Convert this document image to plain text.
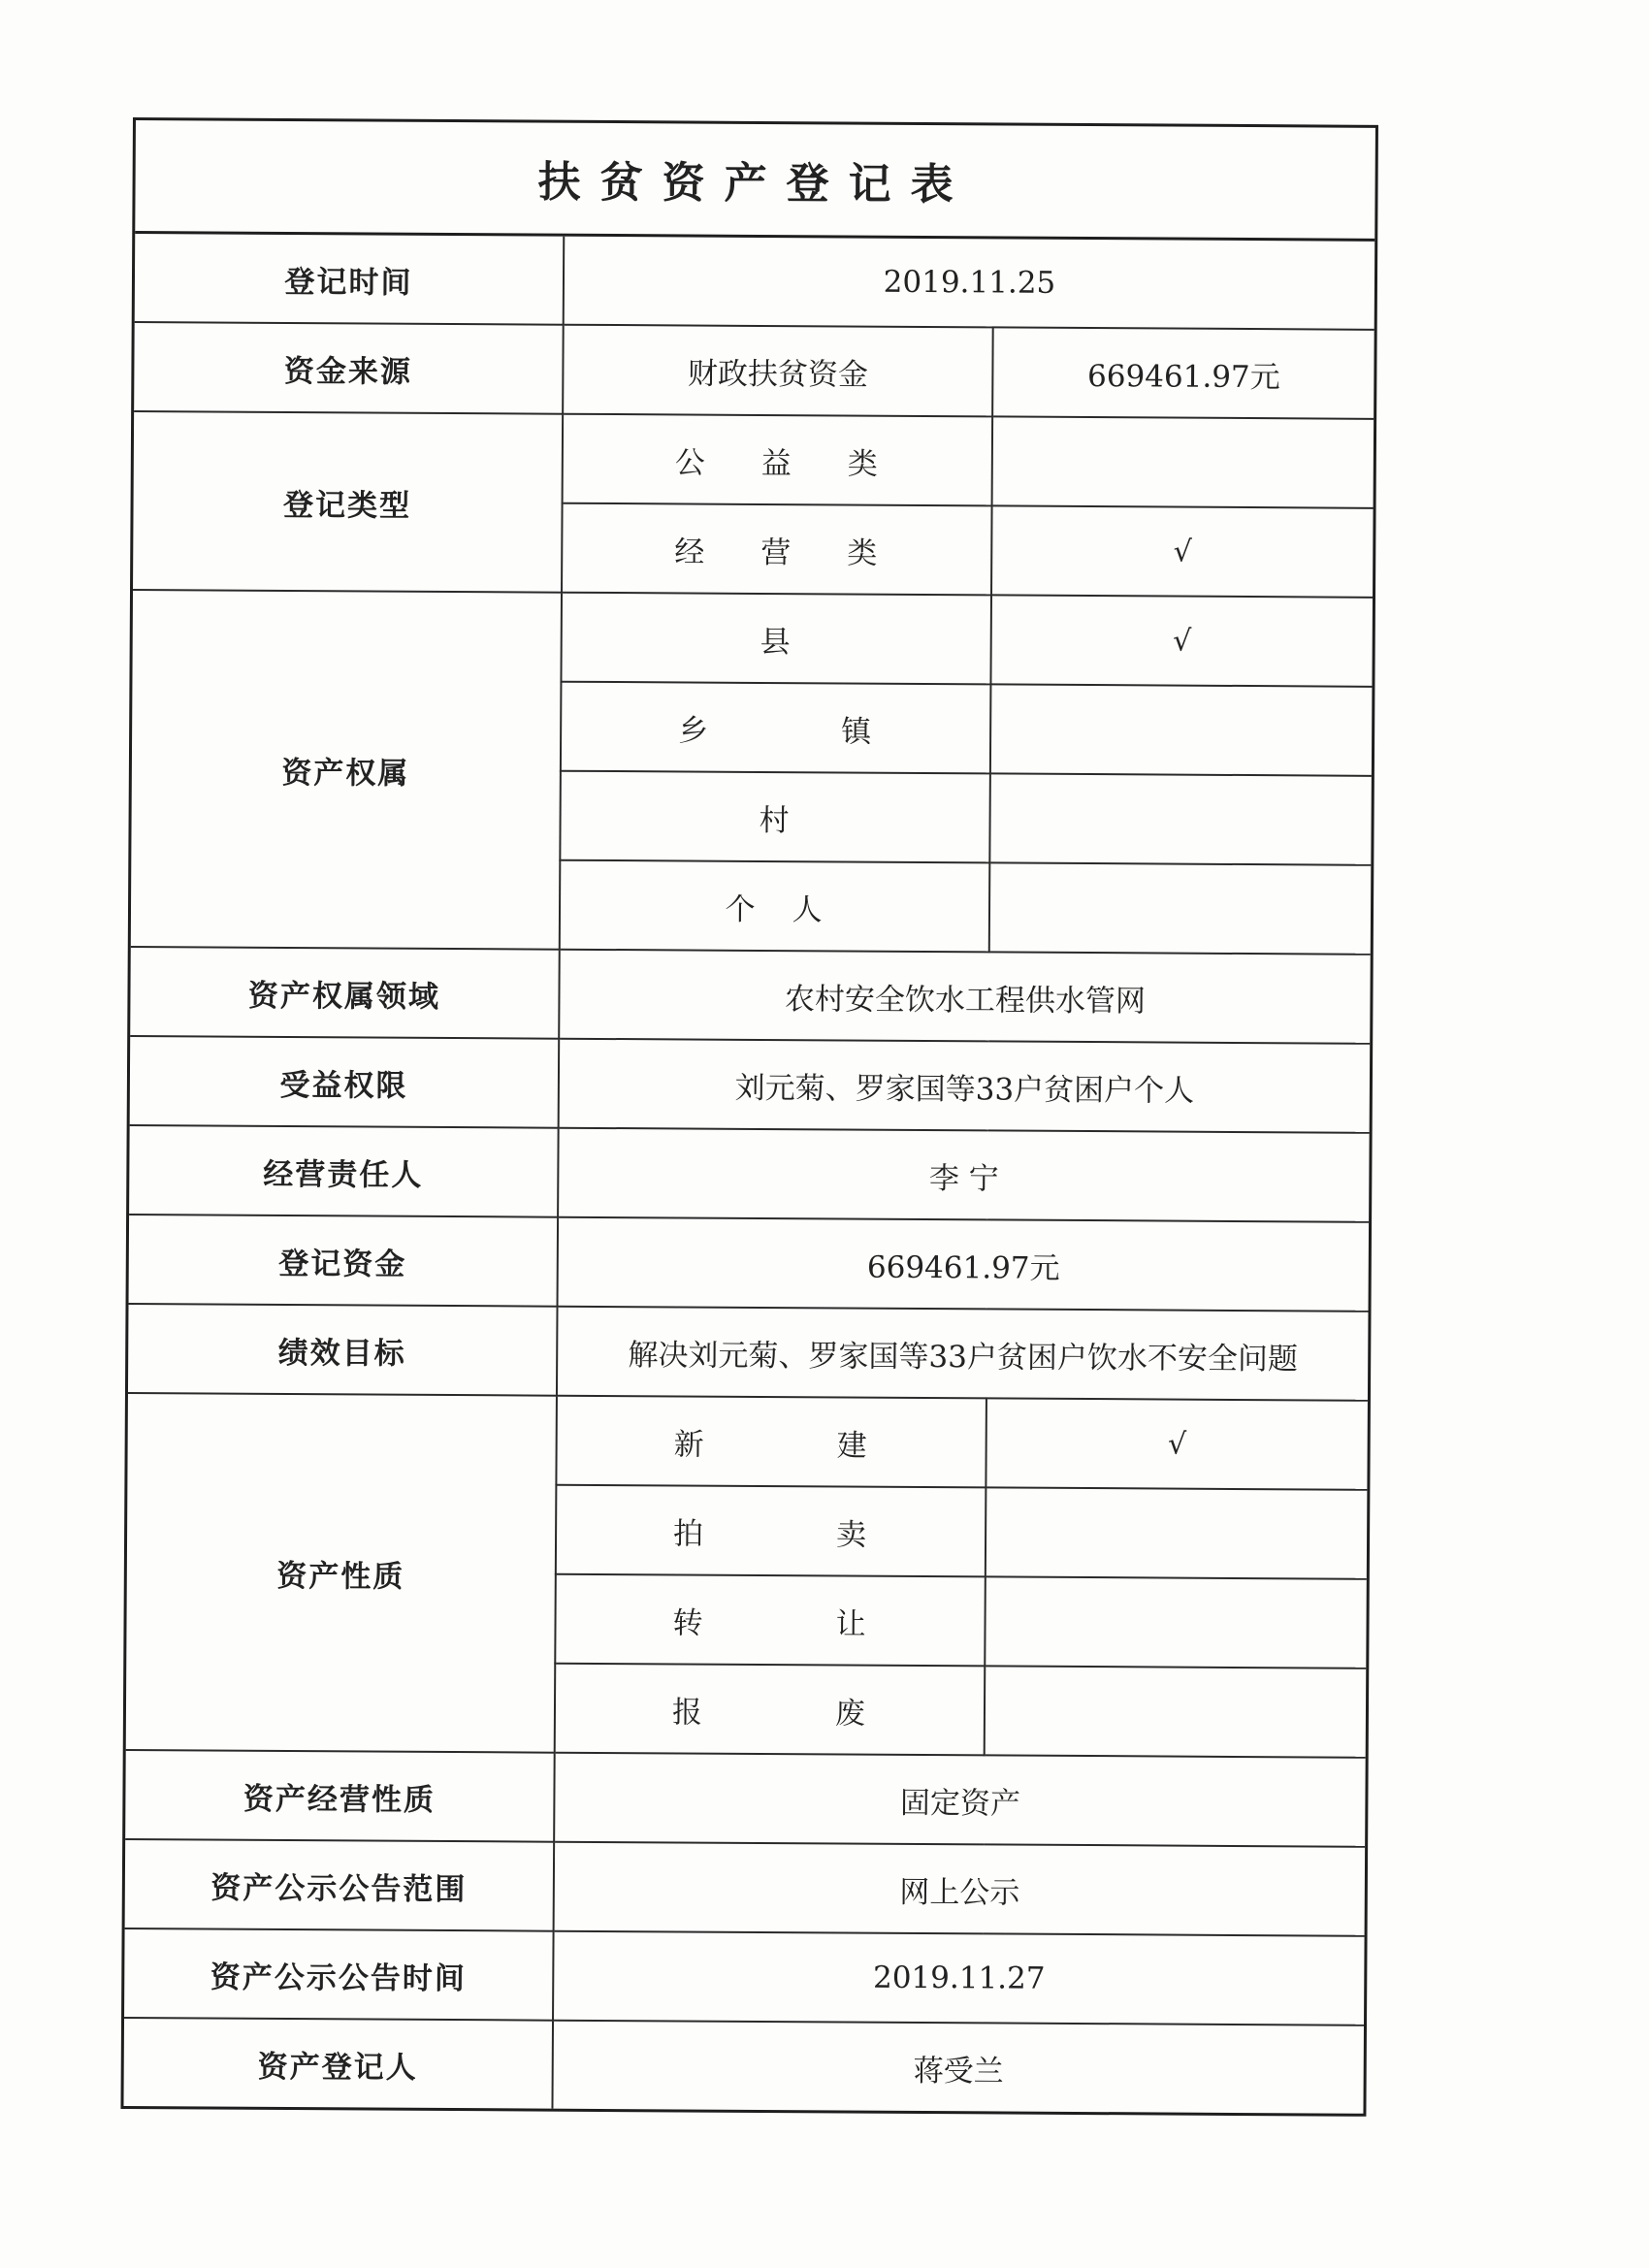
扶贫资产登记表
登记时间	2019.11.25	
资金来源	财政扶贫资金	669461.97元
登记类型	公 益 类	

	经 营 类	√
资产权属	县	√

	乡 镇	

	村	

	个 人	

资产权属领域	农村安全饮水工程供水管网	
受益权限	刘元菊、罗家国等33户贫困户个人	
经营责任人	李 宁	
登记资金	669461.97元	
绩效目标	解决刘元菊、罗家国等33户贫困户饮水不安全问题	
资产性质	新 建	√

	拍 卖	

	转 让	

	报 废	

资产经营性质	固定资产	
资产公示公告范围	网上公示	
资产公示公告时间	2019.11.27	
资产登记人	蒋受兰	
